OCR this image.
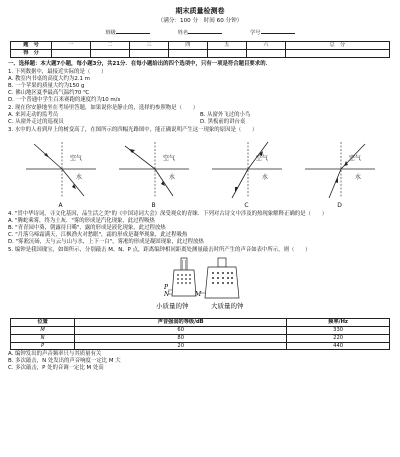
期末质量检测卷
（满分：100 分　时间 60 分钟）
班级	姓名	学号
题　号	一	二	三	四	五	六	总　分
得　分							
一、选择题：本大题7小题，每小题3分，共21分．在每小题给出的四个选项中，只有一项是符合题目要求的．
1. 下列数据中，最接近实际的是（　　）
A. 教室内书桌的高度大约为2.1 m
B. 一个苹果的质量大约为150 g
C. 佛山地区夏季最高气温约70 ℃
D. 一个普通中学生百米赛跑的速度约为10 m/s
2. 现在你安静地坐在考场里答题，如果说你是静止的，选择的参照物是（　　）
A. 来回走动的监考员	B. 从窗外飞过的小鸟
C. 从窗外走过的巡视员	D. 黑板前的讲台桌
3. 水中的人看到岸上的树变高了，在图所示的四幅光路图中，能正确说明产生这一现象的原因是（　　）
空气
水
A
空气
水
B
空气
水
C
空气
水
D
4. "贯中华诗词，寻文化基因，品生活之美"的《中国诗词大会》深受观众的青睐．下列对古诗文中涉及的热现象解释正确的是（　　）
A. "腾蛇乘雾，终为土灰．"雾的形成是汽化现象，此过程吸热
B. "青青园中葵，朝露待日晞"，露的形成是液化现象，此过程放热
C. "月落乌啼霜满天，江枫渔火对愁眠"，霜的形成是凝华现象，此过程吸热
D. "雾凇沆砀，天与云与山与水，上下一白"，雾凇的形成是凝固现象，此过程放热
5. 编钟是我国瑰宝，如图所示，分别敲击 M、N、P 点，距离编钟相同距离处测量敲击时所产生的声音如表中所示，则（　　）
P
N	M
小质量的钟	大质量的钟
位置	声音强弱的等级/dB	频率/Hz
M	60	330
N	80	220
P	20	440
A. 编钟发出的声音频率只与其质量有关
B. 多次敲击，N 处发出的声音响度一定比 M 大
C. 多次敲击，P 处的音调一定比 M 处高
